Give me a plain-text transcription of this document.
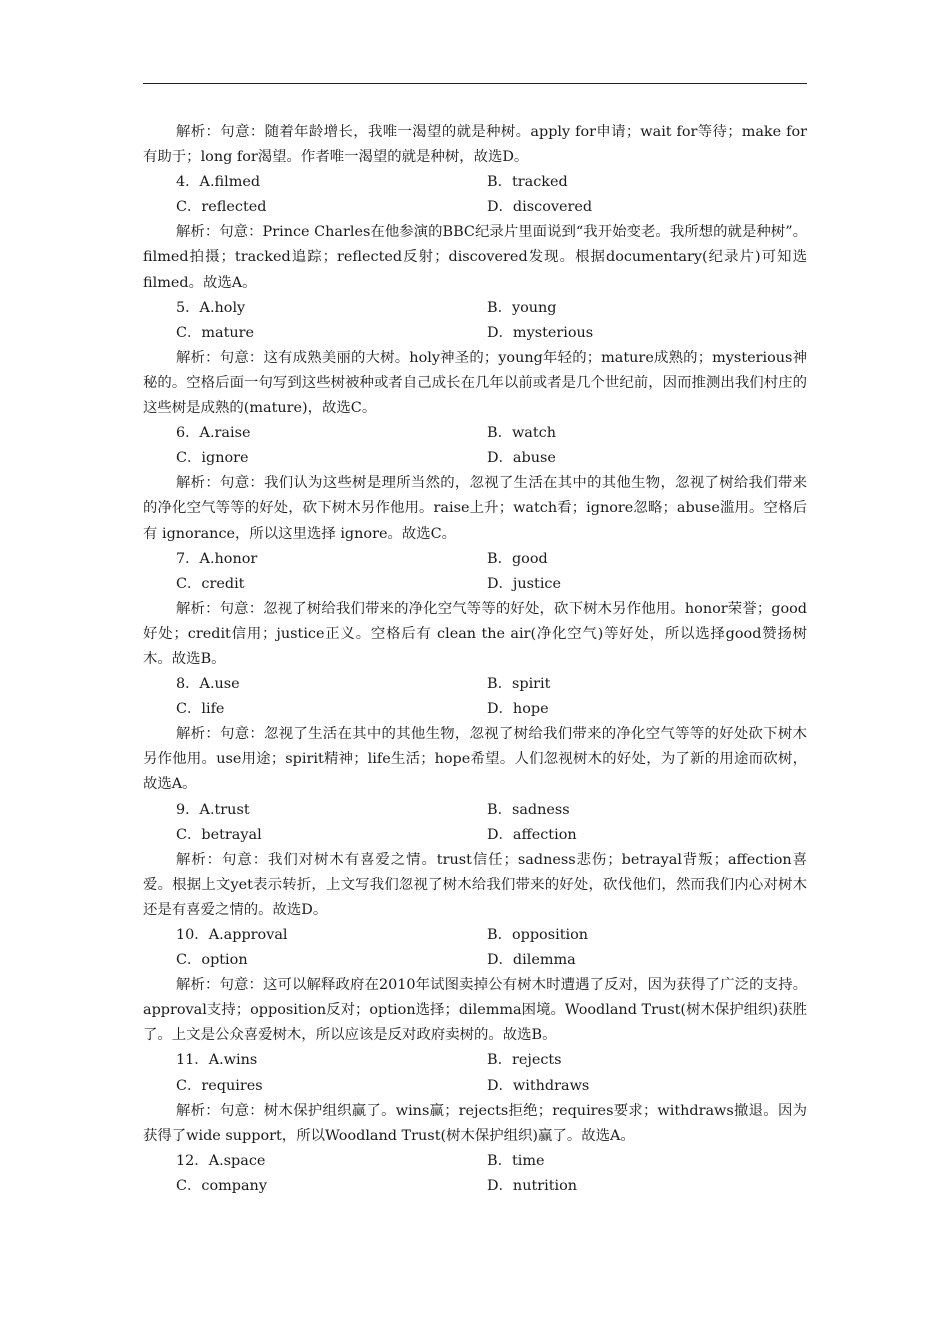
解析：句意：随着年龄增长，我唯一渴望的就是种树。apply for申请；wait for等待；make for有助于；long for渴望。作者唯一渴望的就是种树，故选D。
4．A.filmed	B．tracked
C．reflected	D．discovered
解析：句意：Prince Charles在他参演的BBC纪录片里面说到“我开始变老。我所想的就是种树”。filmed拍摄；tracked追踪；reflected反射；discovered发现。根据documentary(纪录片)可知选 filmed。故选A。
5．A.holy	B．young
C．mature	D．mysterious
解析：句意：这有成熟美丽的大树。holy神圣的；young年轻的；mature成熟的；mysterious神秘的。空格后面一句写到这些树被种或者自己成长在几年以前或者是几个世纪前，因而推测出我们村庄的这些树是成熟的(mature)，故选C。
6．A.raise	B．watch
C．ignore	D．abuse
解析：句意：我们认为这些树是理所当然的，忽视了生活在其中的其他生物，忽视了树给我们带来的净化空气等等的好处，砍下树木另作他用。raise上升；watch看；ignore忽略；abuse滥用。空格后有 ignorance，所以这里选择 ignore。故选C。
7．A.honor	B．good
C．credit	D．justice
解析：句意：忽视了树给我们带来的净化空气等等的好处，砍下树木另作他用。honor荣誉；good好处；credit信用；justice正义。空格后有 clean the air(净化空气)等好处，所以选择good赞扬树木。故选B。
8．A.use	B．spirit
C．life	D．hope
解析：句意：忽视了生活在其中的其他生物，忽视了树给我们带来的净化空气等等的好处砍下树木另作他用。use用途；spirit精神；life生活；hope希望。人们忽视树木的好处，为了新的用途而砍树，故选A。
9．A.trust	B．sadness
C．betrayal	D．affection
解析：句意：我们对树木有喜爱之情。trust信任；sadness悲伤；betrayal背叛；affection喜爱。根据上文yet表示转折，上文写我们忽视了树木给我们带来的好处，砍伐他们，然而我们内心对树木还是有喜爱之情的。故选D。
10．A.approval	B．opposition
C．option	D．dilemma
解析：句意：这可以解释政府在2010年试图卖掉公有树木时遭遇了反对，因为获得了广泛的支持。approval支持；opposition反对；option选择；dilemma困境。Woodland Trust(树木保护组织)获胜了。上文是公众喜爱树木，所以应该是反对政府卖树的。故选B。
11．A.wins	B．rejects
C．requires	D．withdraws
解析：句意：树木保护组织赢了。wins赢；rejects拒绝；requires要求；withdraws撤退。因为获得了wide support，所以Woodland Trust(树木保护组织)赢了。故选A。
12．A.space	B．time
C．company	D．nutrition
